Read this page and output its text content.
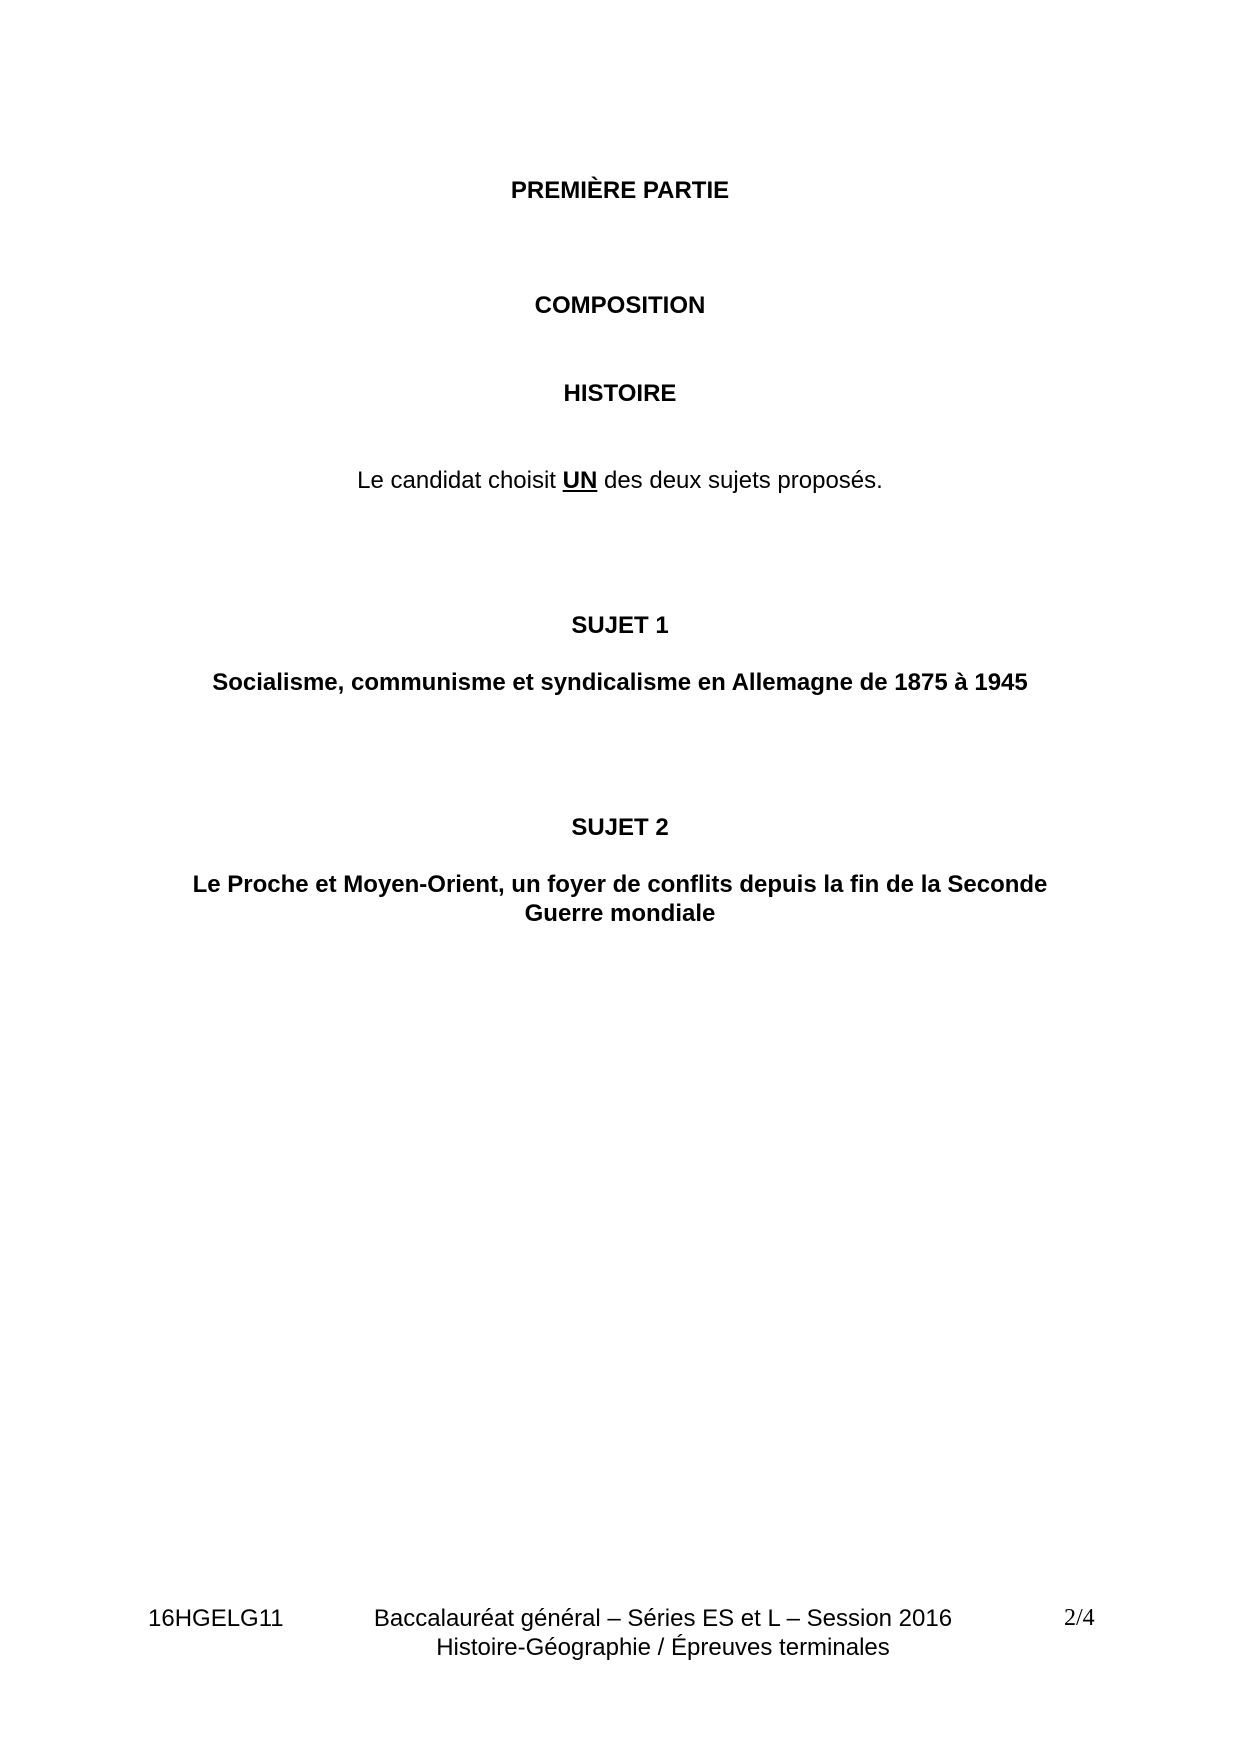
PREMIÈRE PARTIE
COMPOSITION
HISTOIRE
Le candidat choisit UN des deux sujets proposés.
SUJET 1
Socialisme, communisme et syndicalisme en Allemagne de 1875 à 1945
SUJET 2
Le Proche et Moyen-Orient, un foyer de conflits depuis la fin de la Seconde
Guerre mondiale
16HGELG11	Baccalauréat général – Séries ES et L – Session 2016	2/4
Histoire-Géographie / Épreuves terminales
